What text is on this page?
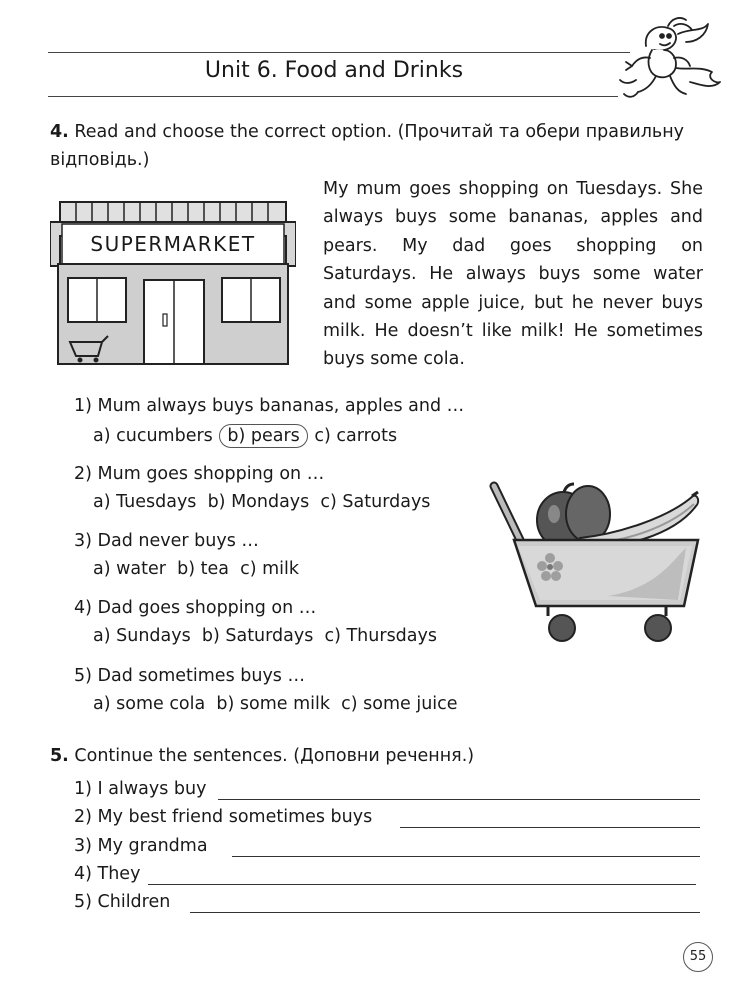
Unit 6. Food and Drinks
4. Read and choose the correct option. (Прочитай та обери правильну відповідь.)
SUPERMARKET
My mum goes shopping on Tuesdays. She always buys some bananas, apples and pears. My dad goes shopping on Saturdays. He always buys some water and some apple juice, but he never buys milk. He doesn’t like milk! He sometimes buys some cola.
1) Mum always buys bananas, apples and …
a) cucumbers b) pears c) carrots
2) Mum goes shopping on …
a) Tuesdays b) Mondays c) Saturdays
3) Dad never buys …
a) water b) tea c) milk
4) Dad goes shopping on …
a) Sundays b) Saturdays c) Thursdays
5) Dad sometimes buys …
a) some cola b) some milk c) some juice
5. Continue the sentences. (Доповни речення.)
1) I always buy
2) My best friend sometimes buys
3) My grandma
4) They
5) Children
55
